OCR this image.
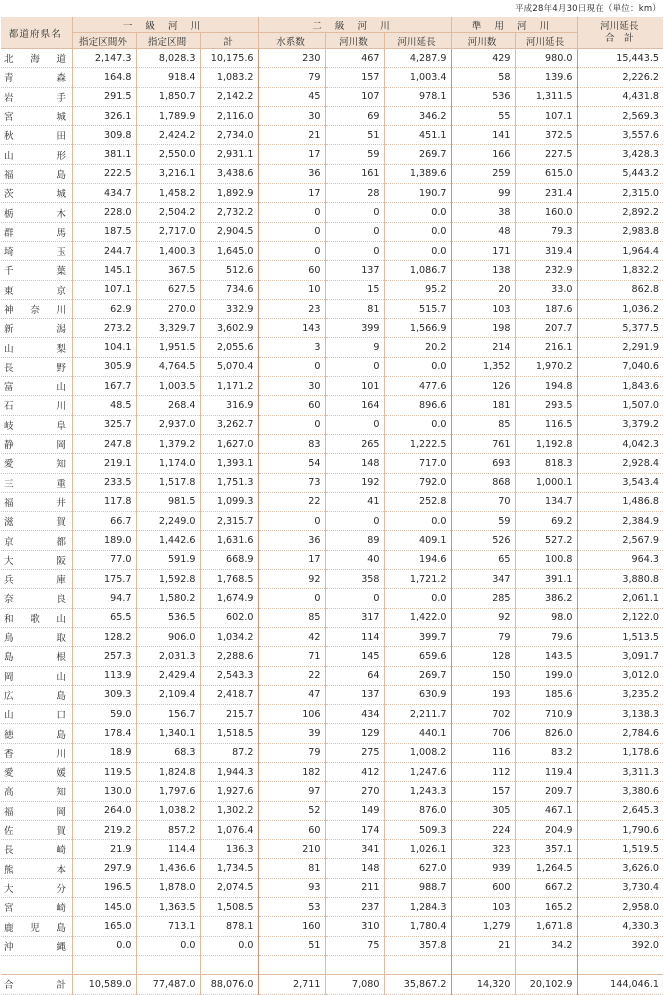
平成28年4月30日現在（単位：km）
都道府県名	一 級 河 川			二 級 河 川			準 用 河 川		河川延長
合　計

	指定区間外	指定区間	計	水系数	河川数	河川延長	河川数	河川延長	

北 海 道	2,147.3	8,028.3	10,175.6	230	467	4,287.9	429	980.0	15,443.5

青 森	164.8	918.4	1,083.2	79	157	1,003.4	58	139.6	2,226.2

岩 手	291.5	1,850.7	2,142.2	45	107	978.1	536	1,311.5	4,431.8

宮 城	326.1	1,789.9	2,116.0	30	69	346.2	55	107.1	2,569.3

秋 田	309.8	2,424.2	2,734.0	21	51	451.1	141	372.5	3,557.6

山 形	381.1	2,550.0	2,931.1	17	59	269.7	166	227.5	3,428.3

福 島	222.5	3,216.1	3,438.6	36	161	1,389.6	259	615.0	5,443.2

茨 城	434.7	1,458.2	1,892.9	17	28	190.7	99	231.4	2,315.0

栃 木	228.0	2,504.2	2,732.2	0	0	0.0	38	160.0	2,892.2

群 馬	187.5	2,717.0	2,904.5	0	0	0.0	48	79.3	2,983.8

埼 玉	244.7	1,400.3	1,645.0	0	0	0.0	171	319.4	1,964.4

千 葉	145.1	367.5	512.6	60	137	1,086.7	138	232.9	1,832.2

東 京	107.1	627.5	734.6	10	15	95.2	20	33.0	862.8

神 奈 川	62.9	270.0	332.9	23	81	515.7	103	187.6	1,036.2

新 潟	273.2	3,329.7	3,602.9	143	399	1,566.9	198	207.7	5,377.5

山 梨	104.1	1,951.5	2,055.6	3	9	20.2	214	216.1	2,291.9

長 野	305.9	4,764.5	5,070.4	0	0	0.0	1,352	1,970.2	7,040.6

富 山	167.7	1,003.5	1,171.2	30	101	477.6	126	194.8	1,843.6

石 川	48.5	268.4	316.9	60	164	896.6	181	293.5	1,507.0

岐 阜	325.7	2,937.0	3,262.7	0	0	0.0	85	116.5	3,379.2

静 岡	247.8	1,379.2	1,627.0	83	265	1,222.5	761	1,192.8	4,042.3

愛 知	219.1	1,174.0	1,393.1	54	148	717.0	693	818.3	2,928.4

三 重	233.5	1,517.8	1,751.3	73	192	792.0	868	1,000.1	3,543.4

福 井	117.8	981.5	1,099.3	22	41	252.8	70	134.7	1,486.8

滋 賀	66.7	2,249.0	2,315.7	0	0	0.0	59	69.2	2,384.9

京 都	189.0	1,442.6	1,631.6	36	89	409.1	526	527.2	2,567.9

大 阪	77.0	591.9	668.9	17	40	194.6	65	100.8	964.3

兵 庫	175.7	1,592.8	1,768.5	92	358	1,721.2	347	391.1	3,880.8

奈 良	94.7	1,580.2	1,674.9	0	0	0.0	285	386.2	2,061.1

和 歌 山	65.5	536.5	602.0	85	317	1,422.0	92	98.0	2,122.0

鳥 取	128.2	906.0	1,034.2	42	114	399.7	79	79.6	1,513.5

島 根	257.3	2,031.3	2,288.6	71	145	659.6	128	143.5	3,091.7

岡 山	113.9	2,429.4	2,543.3	22	64	269.7	150	199.0	3,012.0

広 島	309.3	2,109.4	2,418.7	47	137	630.9	193	185.6	3,235.2

山 口	59.0	156.7	215.7	106	434	2,211.7	702	710.9	3,138.3

徳 島	178.4	1,340.1	1,518.5	39	129	440.1	706	826.0	2,784.6

香 川	18.9	68.3	87.2	79	275	1,008.2	116	83.2	1,178.6

愛 媛	119.5	1,824.8	1,944.3	182	412	1,247.6	112	119.4	3,311.3

高 知	130.0	1,797.6	1,927.6	97	270	1,243.3	157	209.7	3,380.6

福 岡	264.0	1,038.2	1,302.2	52	149	876.0	305	467.1	2,645.3

佐 賀	219.2	857.2	1,076.4	60	174	509.3	224	204.9	1,790.6

長 崎	21.9	114.4	136.3	210	341	1,026.1	323	357.1	1,519.5

熊 本	297.9	1,436.6	1,734.5	81	148	627.0	939	1,264.5	3,626.0

大 分	196.5	1,878.0	2,074.5	93	211	988.7	600	667.2	3,730.4

宮 崎	145.0	1,363.5	1,508.5	53	237	1,284.3	103	165.2	2,958.0

鹿 児 島	165.0	713.1	878.1	160	310	1,780.4	1,279	1,671.8	4,330.3

沖 縄	0.0	0.0	0.0	51	75	357.8	21	34.2	392.0

合 計	10,589.0	77,487.0	88,076.0	2,711	7,080	35,867.2	14,320	20,102.9	144,046.1
